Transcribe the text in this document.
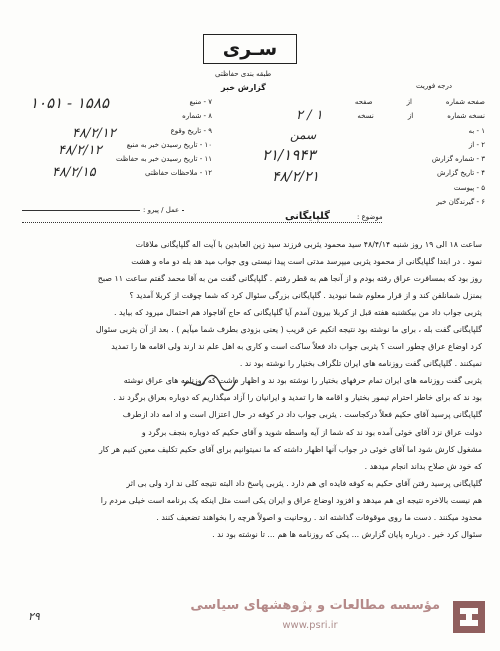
سـری
طبقه بندی حفاظتی
گزارش خبر	درجه فوریت
صفحه شماره
از
صفحه
نسخه شماره
از
نسخه
۱ - به
۲ - از
۳ - شماره گزارش
۴ - تاریخ گزارش
۵ - پیوست
۶ - گیرندگان خبر
۷ - منبع
۸ - شماره
۹ - تاریخ وقوع
۱۰ - تاریخ رسیدن خبر به منبع
۱۱ - تاریخ رسیدن خبر به حفاظت
۱۲ - ملاحظات حفاظتی
۱۰۵۱ - ۱۵۸۵
۴۸/۲/۱۲
۴۸/۲/۱۲
۴۸/۲/۱۵
۲ / ۱
سمن
۲۱/۱۹۴۳
۴۸/۲/۲۱
عمل / پیرو :
موضوع :
گلپایگانی
ساعت ۱۸ الی ۱۹ روز شنبه ۴۸/۴/۱۴ سید محمود یثربی فرزند سید زین العابدین با آیت اله گلپایگانی ملاقات
نمود . در ابتدا گلپایگانی از محمود یثربی میپرسد مدتی است پیدا نیستی وی جواب مید هد بله دو ماه و هشت
روز بود که بمسافرت عراق رفته بودم و از آنجا هم به قطر رفتم . گلپایگانی گفت من به آقا محمد گفتم ساعت ۱۱ صبح
بمنزل شمانلفن کند و از قرار معلوم شما نبودید . گلپایگانی بزرگی سئوال کرد که شما چوقت از کربلا آمدید ؟
یثربی جواب داد من بیکشنبه هفته قبل از کربلا بیرون آمدم آیا گلپایگانی که حاج آقاجواد هم احتمال میرود که بیاید .
گلپایگانی گفت بله ، برای ما نوشته بود نتیجه انکیم عن قریب ( یعنی بزودی بطرف شما میآیم ) . بعد از آن یثربی سئوال
کرد اوضاع عراق چطور است ؟ یثربی جواب داد فعلاً ساکت است و کاری به اهل علم ند ارند ولی اقامه ها را تمدید
نمیکنند . گلپایگانی گفت روزنامه های ایران تلگراف بختیار را نوشته بود ند .
یثربی گفت روزنامه های ایران تمام حرفهای بختیار را نوشته بود ند و اظهار داشت که روزنامه های عراق نوشته
بود ند که برای خاطر احترام تیمور بختیار و اقامه ها را تمدید و ایرانیان را آزاد میگذاریم که دوباره بعراق برگرد ند .
گلپایگانی پرسید آقای حکیم فعلاً درکجاست . یثربی جواب داد در کوفه در حال اعتزال است و اد امه داد ازطرف
دولت عراق نزد آقای خوئی آمده بود ند که شما از آیه واسطه شوید و آقای حکیم که دوباره بنجف برگرد و
مشغول کارش شود اما آقای خوئی در جواب آنها اظهار داشته که ما نمیتوانیم برای آقای حکیم تکلیف معین کنیم هر کار
که خود ش صلاح بداند انجام میدهد .
گلپایگانی پرسید رفتن آقای حکیم به کوفه فایده ای هم دارد . یثربی پاسخ داد البته نتیجه کلی ند ارد ولی بی اثر
هم نیست بالاخره نتیجه ای هم میدهد و افزود اوضاع عراق و ایران یکی است مثل اینکه یک برنامه است خیلی مردم را
محدود میکنند . دست ما روی موقوفات گذاشته اند . روحانیت و اصولاً هرچه را بخواهند تضعیف کنند .
سئوال کرد خیر . درباره پایان گزارش ... یکی که روزنامه ها هم ... تا نوشته بود ند .
۲۹
مؤسسه مطالعات و پژوهشهای سیاسی
www.psri.ir
